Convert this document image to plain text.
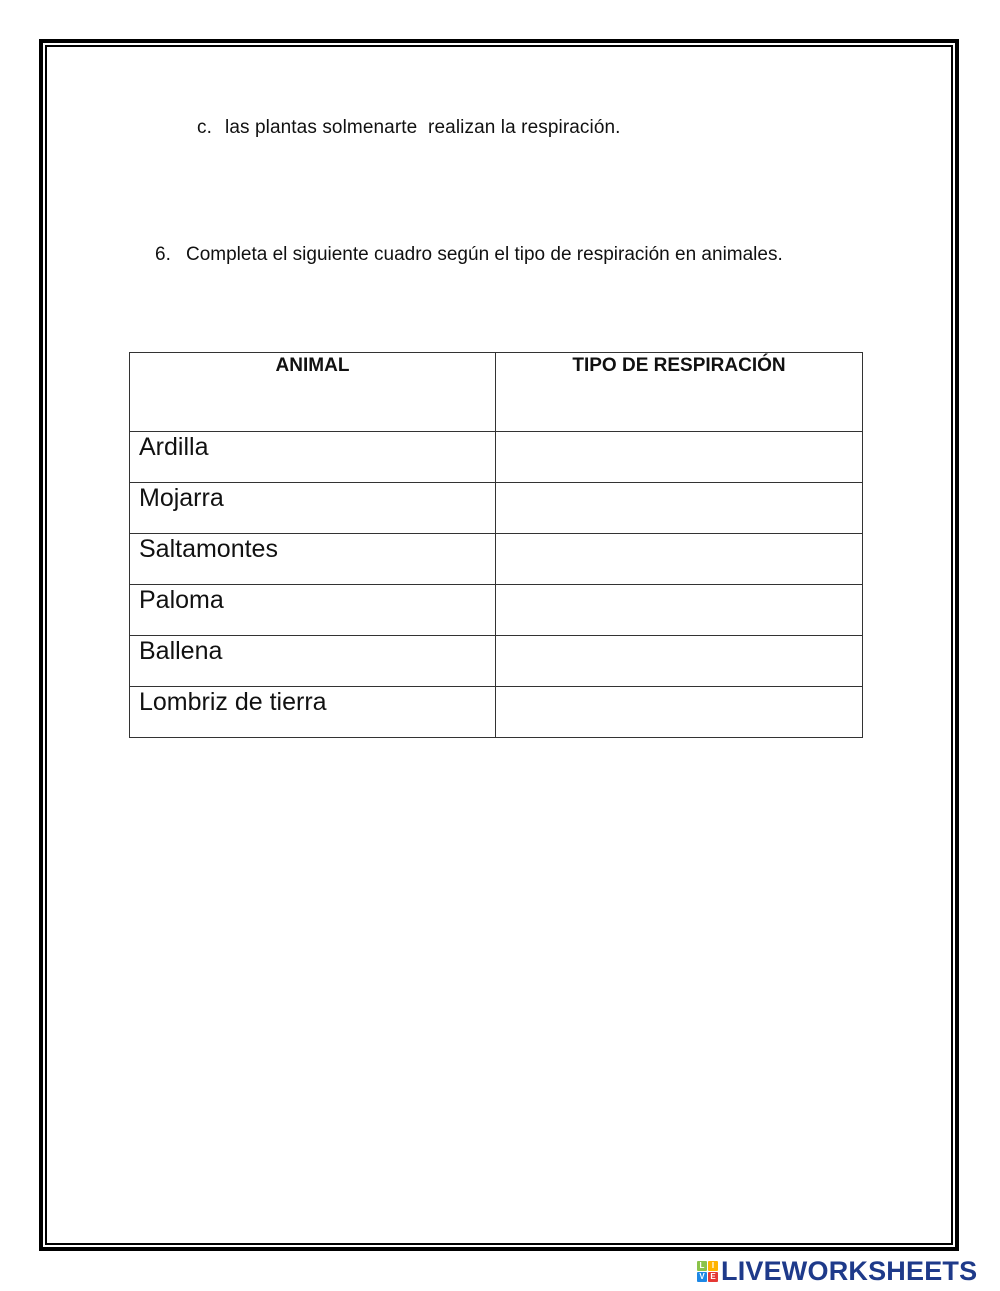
c. las plantas solmenarte  realizan la respiración.
6. Completa el siguiente cuadro según el tipo de respiración en animales.
ANIMAL	TIPO DE RESPIRACIÓN
Ardilla	
Mojarra	
Saltamontes	
Paloma	
Ballena	
Lombriz de tierra	
L I
V E LIVEWORKSHEETS
